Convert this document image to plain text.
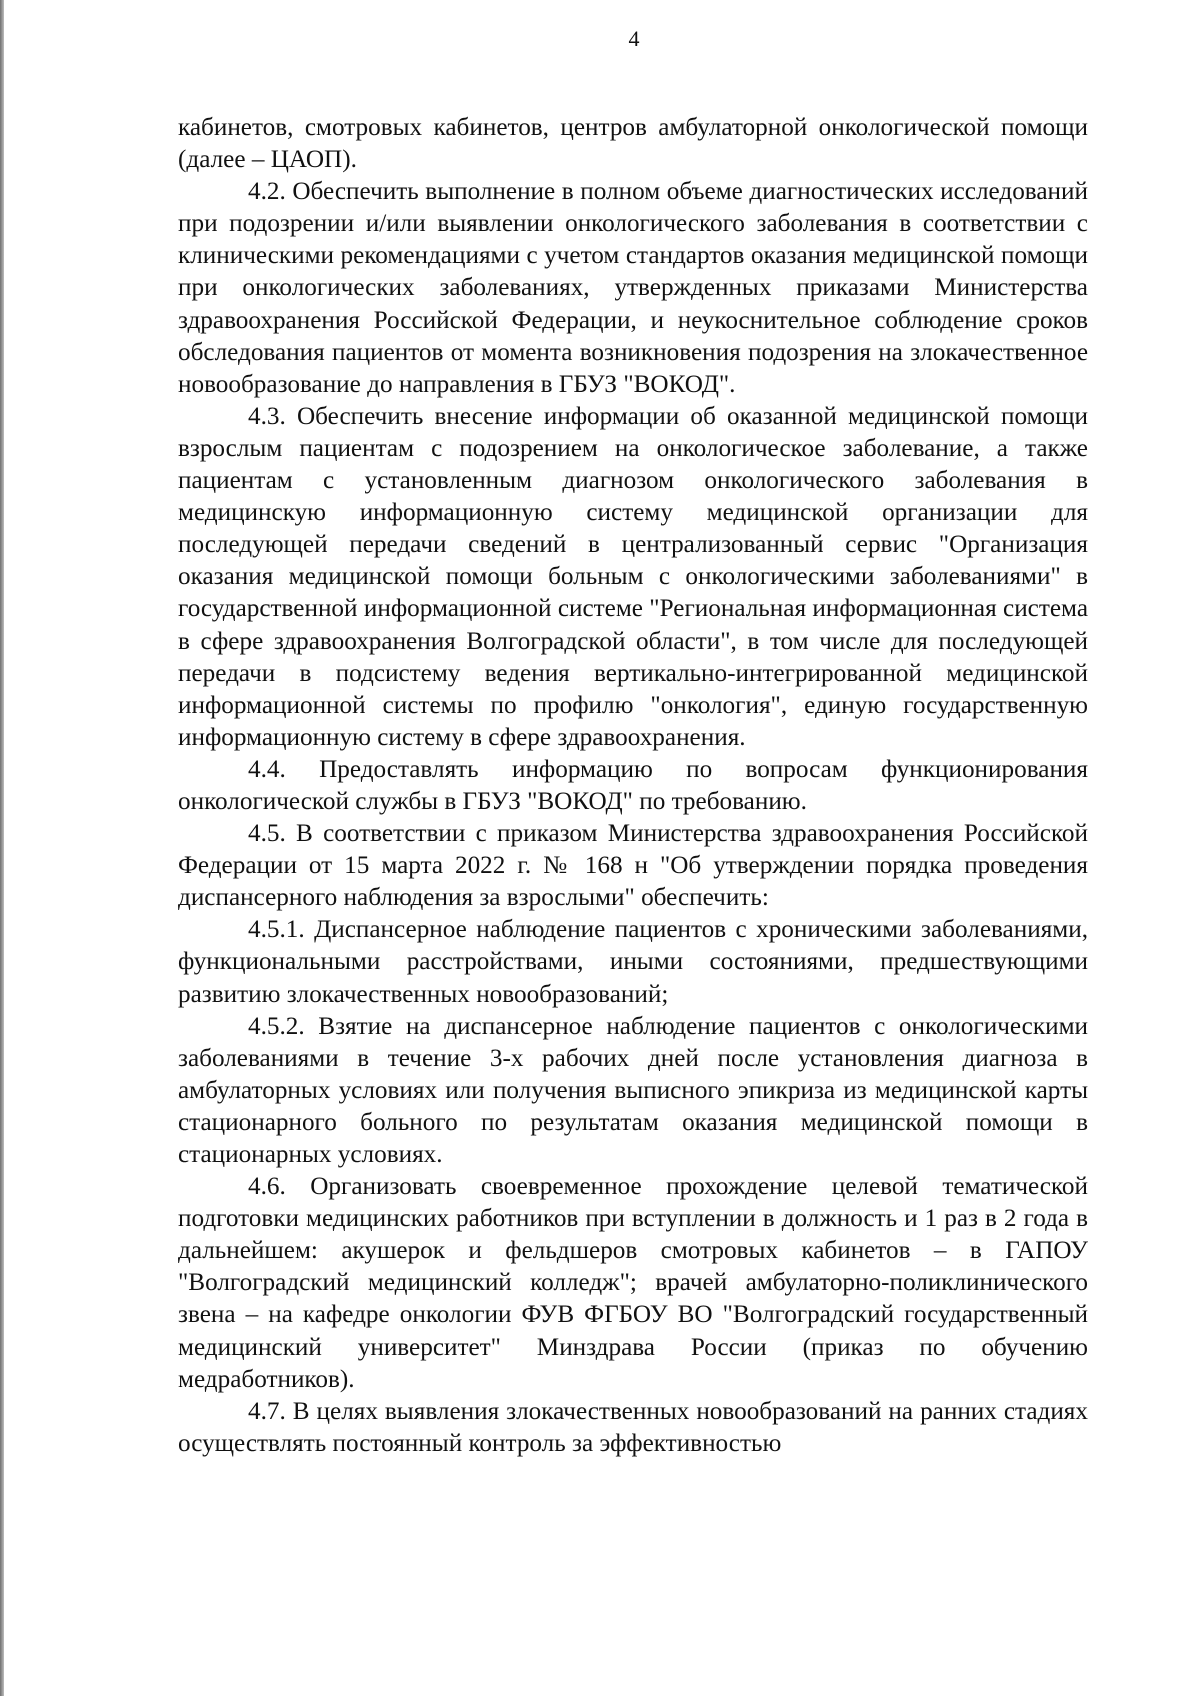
4

кабинетов, смотровых кабинетов, центров амбулаторной онкологической помощи (далее – ЦАОП).

4.2. Обеспечить выполнение в полном объеме диагностических исследований при подозрении и/или выявлении онкологического заболевания в соответствии с клиническими рекомендациями с учетом стандартов оказания медицинской помощи при онкологических заболеваниях, утвержденных приказами Министерства здравоохранения Российской Федерации, и неукоснительное соблюдение сроков обследования пациентов от момента возникновения подозрения на злокачественное новообразование до направления в ГБУЗ "ВОКОД".

4.3. Обеспечить внесение информации об оказанной медицинской помощи взрослым пациентам с подозрением на онкологическое заболевание, а также пациентам с установленным диагнозом онкологического заболевания в медицинскую информационную систему медицинской организации для последующей передачи сведений в централизованный сервис "Организация оказания медицинской помощи больным с онкологическими заболеваниями" в государственной информационной системе "Региональная информационная система в сфере здравоохранения Волгоградской области", в том числе для последующей передачи в подсистему ведения вертикально-интегрированной медицинской информационной системы по профилю "онкология", единую государственную информационную систему в сфере здравоохранения.

4.4. Предоставлять информацию по вопросам функционирования онкологической службы в ГБУЗ "ВОКОД" по требованию.

4.5. В соответствии с приказом Министерства здравоохранения Российской Федерации от 15 марта 2022 г. № 168 н "Об утверждении порядка проведения диспансерного наблюдения за взрослыми" обеспечить:

4.5.1. Диспансерное наблюдение пациентов с хроническими заболеваниями, функциональными расстройствами, иными состояниями, предшествующими развитию злокачественных новообразований;

4.5.2. Взятие на диспансерное наблюдение пациентов с онкологическими заболеваниями в течение 3-х рабочих дней после установления диагноза в амбулаторных условиях или получения выписного эпикриза из медицинской карты стационарного больного по результатам оказания медицинской помощи в стационарных условиях.

4.6. Организовать своевременное прохождение целевой тематической подготовки медицинских работников при вступлении в должность и 1 раз в 2 года в дальнейшем: акушерок и фельдшеров смотровых кабинетов – в ГАПОУ "Волгоградский медицинский колледж"; врачей амбулаторно-поликлинического звена – на кафедре онкологии ФУВ ФГБОУ ВО "Волгоградский государственный медицинский университет" Минздрава России (приказ по обучению медработников).

4.7. В целях выявления злокачественных новообразований на ранних стадиях осуществлять постоянный контроль за эффективностью
